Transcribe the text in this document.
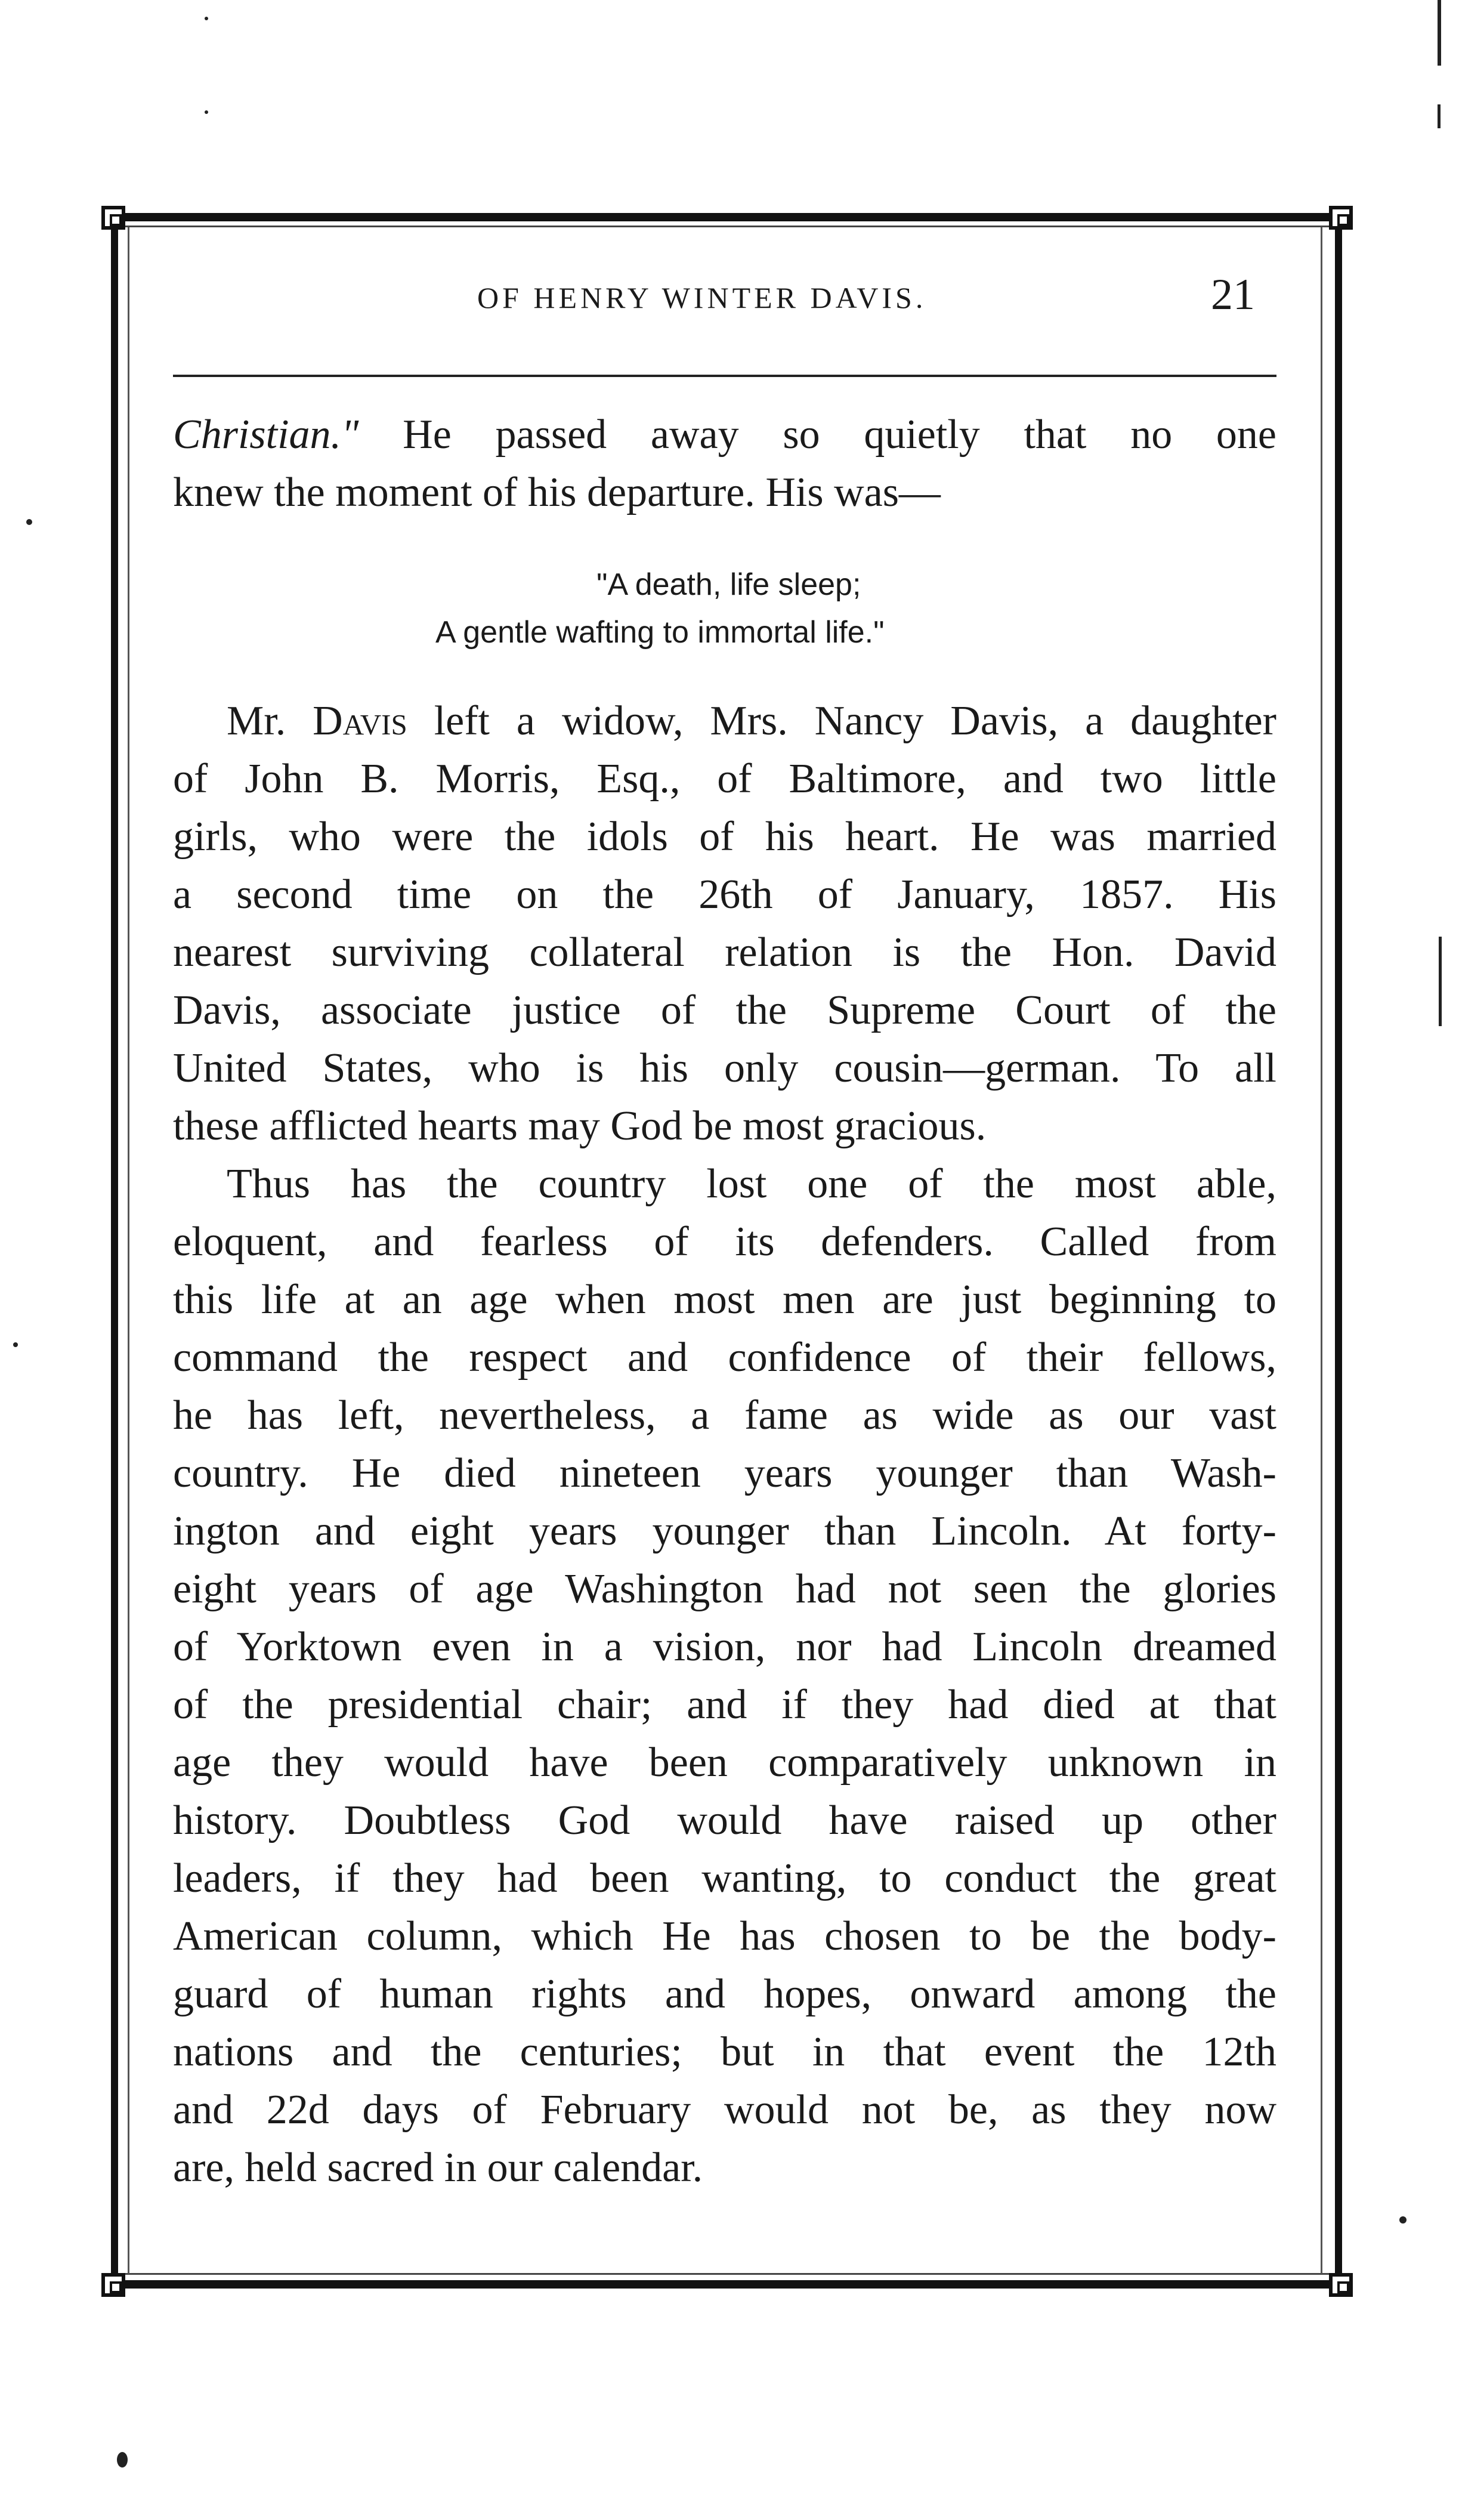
OF HENRY WINTER DAVIS.	21
Christian." He passed away so quietly that no one
knew the moment of his departure. His was—
"A death, life sleep;
A gentle wafting to immortal life."
Mr. Davis left a widow, Mrs. Nancy Davis, a daughter
of John B. Morris, Esq., of Baltimore, and two little
girls, who were the idols of his heart. He was married
a second time on the 26th of January, 1857. His
nearest surviving collateral relation is the Hon. David
Davis, associate justice of the Supreme Court of the
United States, who is his only cousin—german. To all
these afflicted hearts may God be most gracious.
Thus has the country lost one of the most able,
eloquent, and fearless of its defenders. Called from
this life at an age when most men are just beginning to
command the respect and confidence of their fellows,
he has left, nevertheless, a fame as wide as our vast
country. He died nineteen years younger than Wash-
ington and eight years younger than Lincoln. At forty-
eight years of age Washington had not seen the glories
of Yorktown even in a vision, nor had Lincoln dreamed
of the presidential chair; and if they had died at that
age they would have been comparatively unknown in
history. Doubtless God would have raised up other
leaders, if they had been wanting, to conduct the great
American column, which He has chosen to be the body-
guard of human rights and hopes, onward among the
nations and the centuries; but in that event the 12th
and 22d days of February would not be, as they now
are, held sacred in our calendar.
